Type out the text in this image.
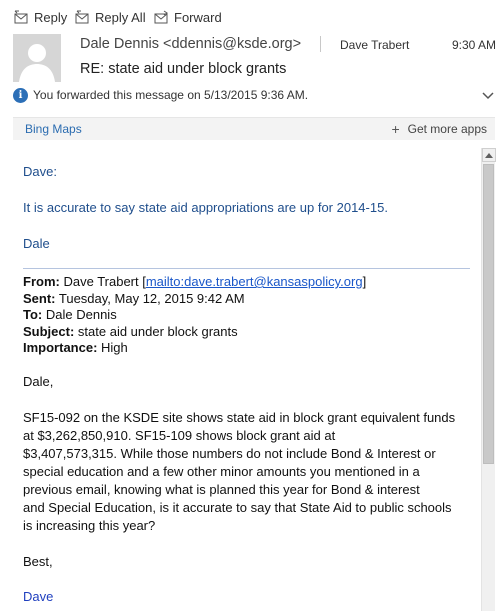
Reply Reply All Forward
Dale Dennis <ddennis@ksde.org>	Dave Trabert	9:30 AM
RE: state aid under block grants
i You forwarded this message on 5/13/2015 9:36 AM.
Bing Maps	+ Get more apps
Dave:
It is accurate to say state aid appropriations are up for 2014-15.
Dale
From: Dave Trabert [mailto:dave.trabert@kansaspolicy.org]
Sent: Tuesday, May 12, 2015 9:42 AM
To: Dale Dennis
Subject: state aid under block grants
Importance: High
Dale,
SF15-092 on the KSDE site shows state aid in block grant equivalent funds
at $3,262,850,910. SF15-109 shows block grant aid at
$3,407,573,315. While those numbers do not include Bond & Interest or
special education and a few other minor amounts you mentioned in a
previous email, knowing what is planned this year for Bond & interest
and Special Education, is it accurate to say that State Aid to public schools
is increasing this year?
Best,
Dave
